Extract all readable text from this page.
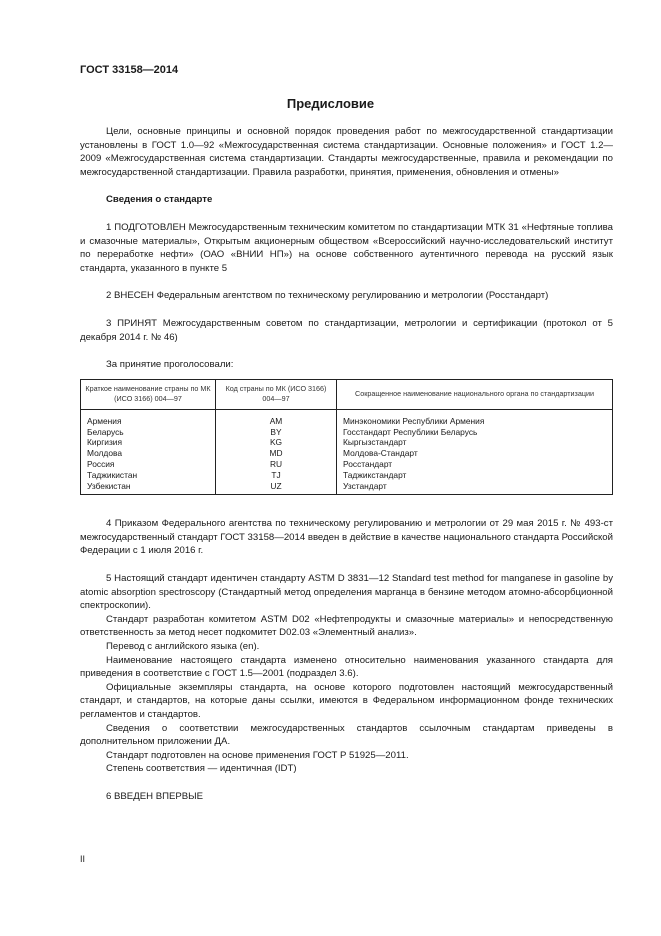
ГОСТ 33158—2014
Предисловие

Цели, основные принципы и основной порядок проведения работ по межгосударственной стандартизации установлены в ГОСТ 1.0—92 «Межгосударственная система стандартизации. Основные положения» и ГОСТ 1.2—2009 «Межгосударственная система стандартизации. Стандарты межгосударственные, правила и рекомендации по межгосударственной стандартизации. Правила разработки, принятия, применения, обновления и отмены»

Сведения о стандарте

1 ПОДГОТОВЛЕН Межгосударственным техническим комитетом по стандартизации МТК 31 «Нефтяные топлива и смазочные материалы», Открытым акционерным обществом «Всероссийский научно-исследовательский институт по переработке нефти» (ОАО «ВНИИ НП») на основе собственного аутентичного перевода на русский язык стандарта, указанного в пункте 5

2 ВНЕСЕН Федеральным агентством по техническому регулированию и метрологии (Росстандарт)

3 ПРИНЯТ Межгосударственным советом по стандартизации, метрологии и сертификации (протокол от 5 декабря 2014 г. № 46)

За принятие проголосовали:

Краткое наименование страны по МК (ИСО 3166) 004—97	Код страны по МК (ИСО 3166) 004—97	Сокращенное наименование национального органа по стандартизации
Армения	AM	Минэкономики Республики Армения
Беларусь	BY	Госстандарт Республики Беларусь
Киргизия	KG	Кыргызстандарт
Молдова	MD	Молдова-Стандарт
Россия	RU	Росстандарт
Таджикистан	TJ	Таджикстандарт
Узбекистан	UZ	Узстандарт

4 Приказом Федерального агентства по техническому регулированию и метрологии от 29 мая 2015 г. № 493-ст межгосударственный стандарт ГОСТ 33158—2014 введен в действие в качестве национального стандарта Российской Федерации с 1 июля 2016 г.

5 Настоящий стандарт идентичен стандарту ASTM D 3831—12 Standard test method for manganese in gasoline by atomic absorption spectroscopy (Стандартный метод определения марганца в бензине методом атомно-абсорбционной спектроскопии).

Стандарт разработан комитетом ASTM D02 «Нефтепродукты и смазочные материалы» и непосредственную ответственность за метод несет подкомитет D02.03 «Элементный анализ».

Перевод с английского языка (en).

Наименование настоящего стандарта изменено относительно наименования указанного стандарта для приведения в соответствие с ГОСТ 1.5—2001 (подраздел 3.6).

Официальные экземпляры стандарта, на основе которого подготовлен настоящий межгосударственный стандарт, и стандартов, на которые даны ссылки, имеются в Федеральном информационном фонде технических регламентов и стандартов.

Сведения о соответствии межгосударственных стандартов ссылочным стандартам приведены в дополнительном приложении ДА.

Стандарт подготовлен на основе применения ГОСТ Р 51925—2011.

Степень соответствия — идентичная (IDT)

6 ВВЕДЕН ВПЕРВЫЕ

II
